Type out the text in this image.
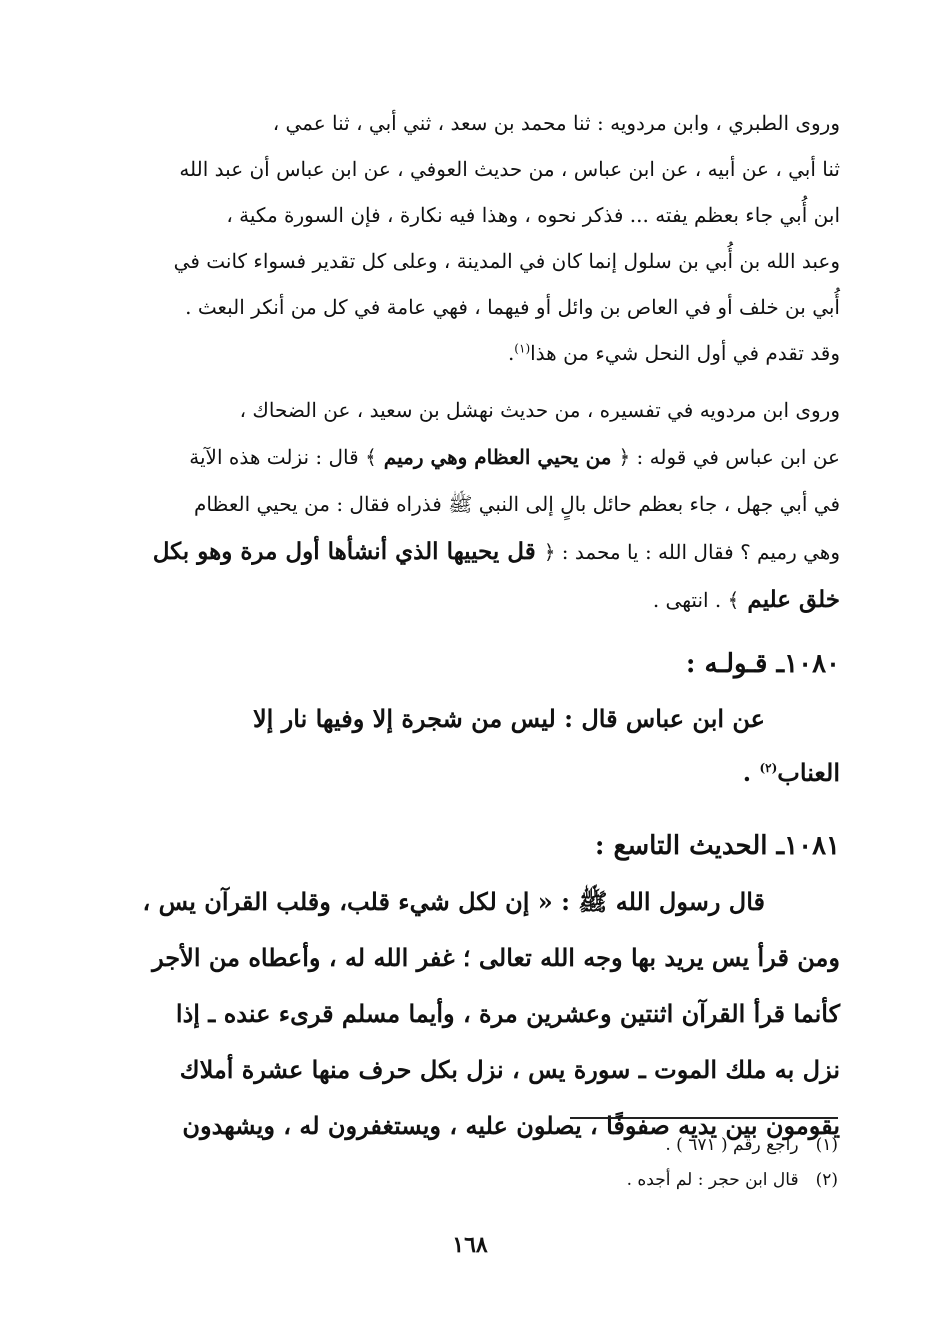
وروى الطبري ، وابن مردويه : ثنا محمد بن سعد ، ثني أبي ، ثنا عمي ،
ثنا أبي ، عن أبيه ، عن ابن عباس ، من حديث العوفي ، عن ابن عباس أن عبد الله
ابن أُبي جاء بعظم يفته ... فذكر نحوه ، وهذا فيه نكارة ، فإن السورة مكية ،
وعبد الله بن أُبي بن سلول إنما كان في المدينة ، وعلى كل تقدير فسواء كانت في
أُبي بن خلف أو في العاص بن وائل أو فيهما ، فهي عامة في كل من أنكر البعث .
وقد تقدم في أول النحل شيء من هذا$^{(١)}$.
وروى ابن مردويه في تفسيره ، من حديث نهشل بن سعيد ، عن الضحاك ،
عن ابن عباس في قوله : ﴿ من يحيي العظام وهي رميم ﴾ قال : نزلت هذه الآية
في أبي جهل ، جاء بعظم حائل بالٍ إلى النبي ﷺ فذراه فقال : من يحيي العظام
وهي رميم ؟ فقال الله : يا محمد : ﴿ قل يحييها الذي أنشأها أول مرة وهو بكل
خلق عليم ﴾ . انتهى .
١٠٨٠ـ قـولـه :
عن ابن عباس قال : ليس من شجرة إلا وفيها نار إلا
العناب$^{(٢)}$ .
١٠٨١ـ الحديث التاسع :
قال رسول الله ﷺ : « إن لكل شيء قلب، وقلب القرآن يس ،
ومن قرأ يس يريد بها وجه الله تعالى ؛ غفر الله له ، وأعطاه من الأجر
كأنما قرأ القرآن اثنتين وعشرين مرة ، وأيما مسلم قرىء عنده ـ إذا
نزل به ملك الموت ـ سورة يس ، نزل بكل حرف منها عشرة أملاك
يقومون بين يديه صفوفًا ، يصلون عليه ، ويستغفرون له ، ويشهدون
(١) راجع رقم ( ٦٧١ ) .
(٢) قال ابن حجر : لم أجده .
١٦٨
